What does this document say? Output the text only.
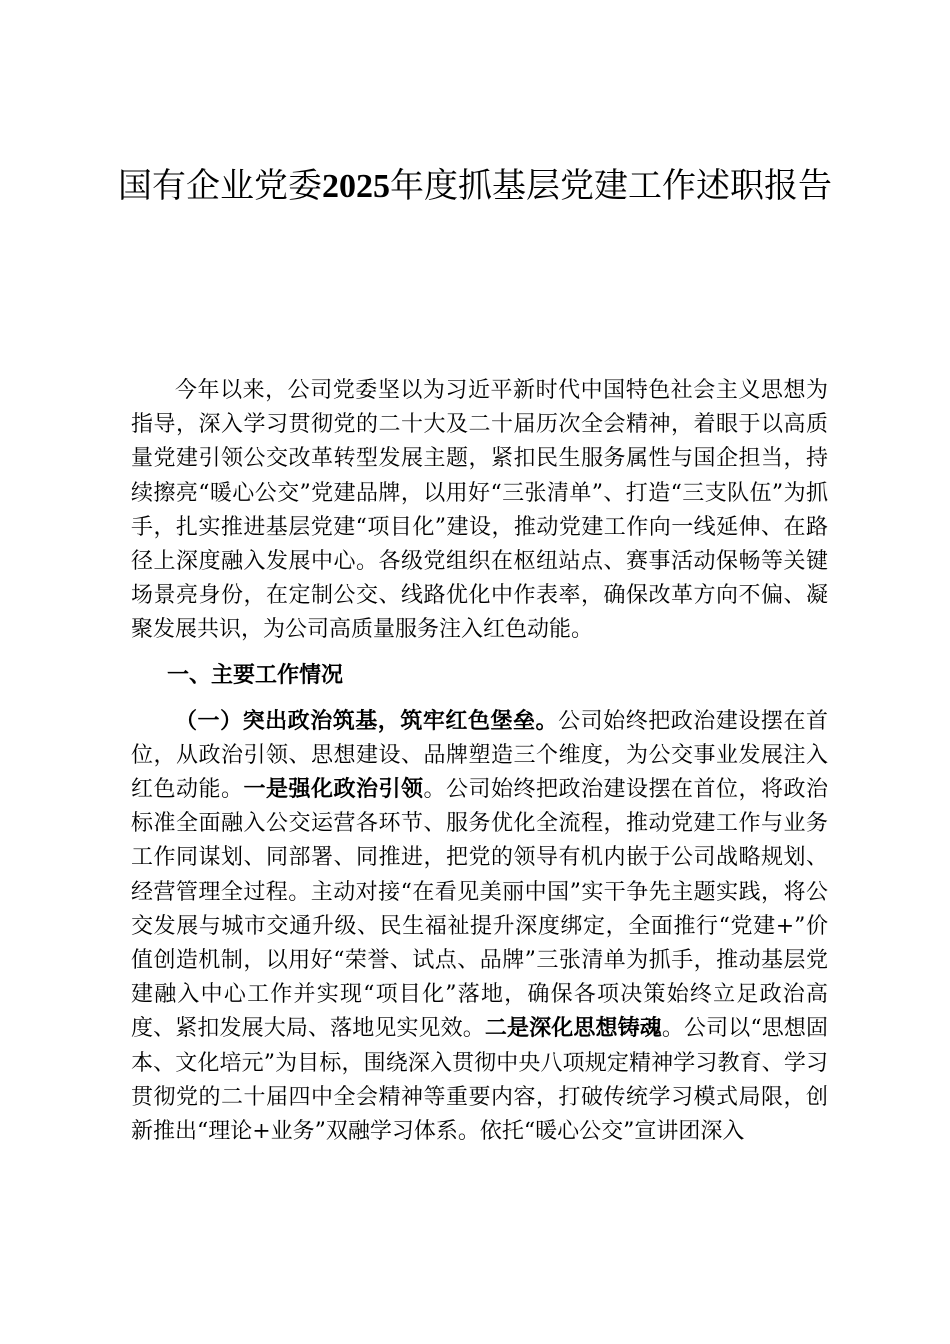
国有企业党委2025年度抓基层党建工作述职报告

今年以来，公司党委坚以为习近平新时代中国特色社会主义思想为指导，深入学习贯彻党的二十大及二十届历次全会精神，着眼于以高质量党建引领公交改革转型发展主题，紧扣民生服务属性与国企担当，持续擦亮“暖心公交”党建品牌，以用好“三张清单”、打造“三支队伍”为抓手，扎实推进基层党建“项目化”建设，推动党建工作向一线延伸、在路径上深度融入发展中心。各级党组织在枢纽站点、赛事活动保畅等关键场景亮身份，在定制公交、线路优化中作表率，确保改革方向不偏、凝聚发展共识，为公司高质量服务注入红色动能。

一、主要工作情况

（一）突出政治筑基，筑牢红色堡垒。公司始终把政治建设摆在首位，从政治引领、思想建设、品牌塑造三个维度，为公交事业发展注入红色动能。一是强化政治引领。公司始终把政治建设摆在首位，将政治标准全面融入公交运营各环节、服务优化全流程，推动党建工作与业务工作同谋划、同部署、同推进，把党的领导有机内嵌于公司战略规划、经营管理全过程。主动对接“在看见美丽中国”实干争先主题实践，将公交发展与城市交通升级、民生福祉提升深度绑定，全面推行“党建+”价值创造机制，以用好“荣誉、试点、品牌”三张清单为抓手，推动基层党建融入中心工作并实现“项目化”落地，确保各项决策始终立足政治高度、紧扣发展大局、落地见实见效。二是深化思想铸魂。公司以“思想固本、文化培元”为目标，围绕深入贯彻中央八项规定精神学习教育、学习贯彻党的二十届四中全会精神等重要内容，打破传统学习模式局限，创新推出“理论+业务”双融学习体系。依托“暖心公交”宣讲团深入
